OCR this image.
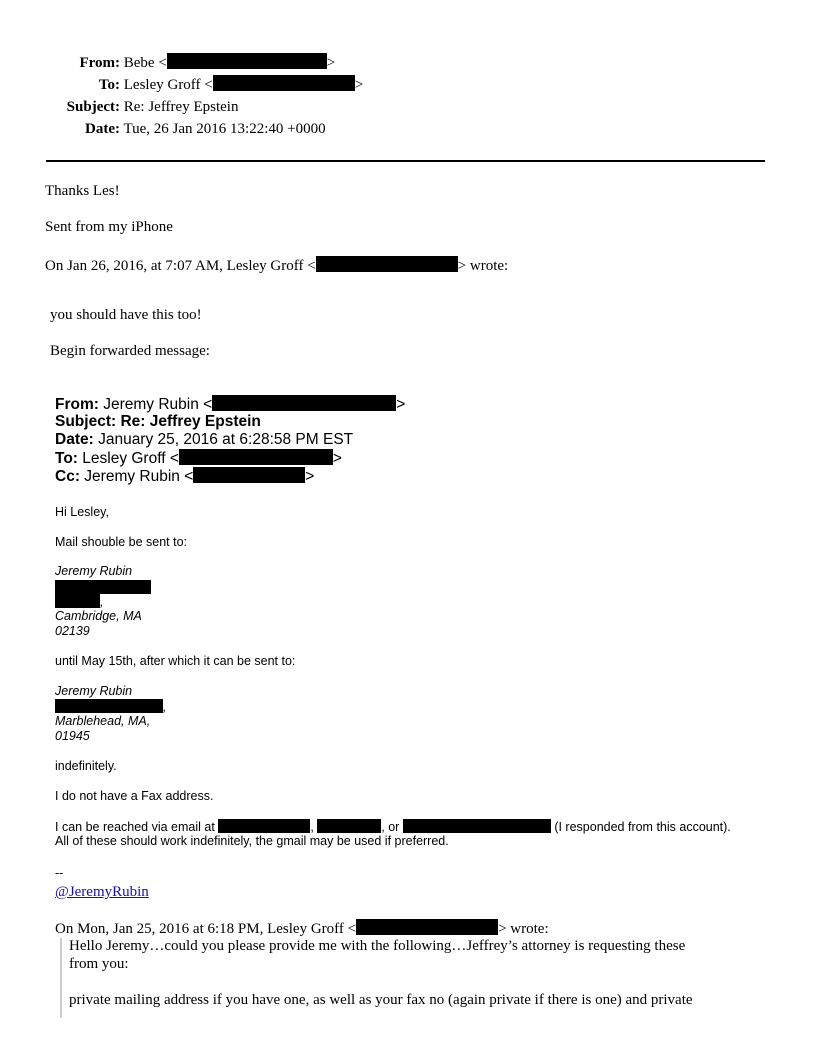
From: Bebe <	>
To: Lesley Groff <	>
Subject: Re: Jeffrey Epstein
Date: Tue, 26 Jan 2016 13:22:40 +0000
Thanks Les!
Sent from my iPhone
On Jan 26, 2016, at 7:07 AM, Lesley Groff <	> wrote:
you should have this too!
Begin forwarded message:
From: Jeremy Rubin <	>
Subject: Re: Jeffrey Epstein
Date: January 25, 2016 at 6:28:58 PM EST
To: Lesley Groff <	>
Cc: Jeremy Rubin <	>
Hi Lesley,
Mail shouble be sent to:
Jeremy Rubin
,
Cambridge, MA
02139
until May 15th, after which it can be sent to:
Jeremy Rubin
,
Marblehead, MA,
01945
indefinitely.
I do not have a Fax address.
I can be reached via email at	,	, or	(I responded from this account).
All of these should work indefinitely, the gmail may be used if preferred.
--
@JeremyRubin
On Mon, Jan 25, 2016 at 6:18 PM, Lesley Groff <	> wrote:
Hello Jeremy…could you please provide me with the following…Jeffrey’s attorney is requesting these
from you:
private mailing address if you have one, as well as your fax no (again private if there is one) and private
